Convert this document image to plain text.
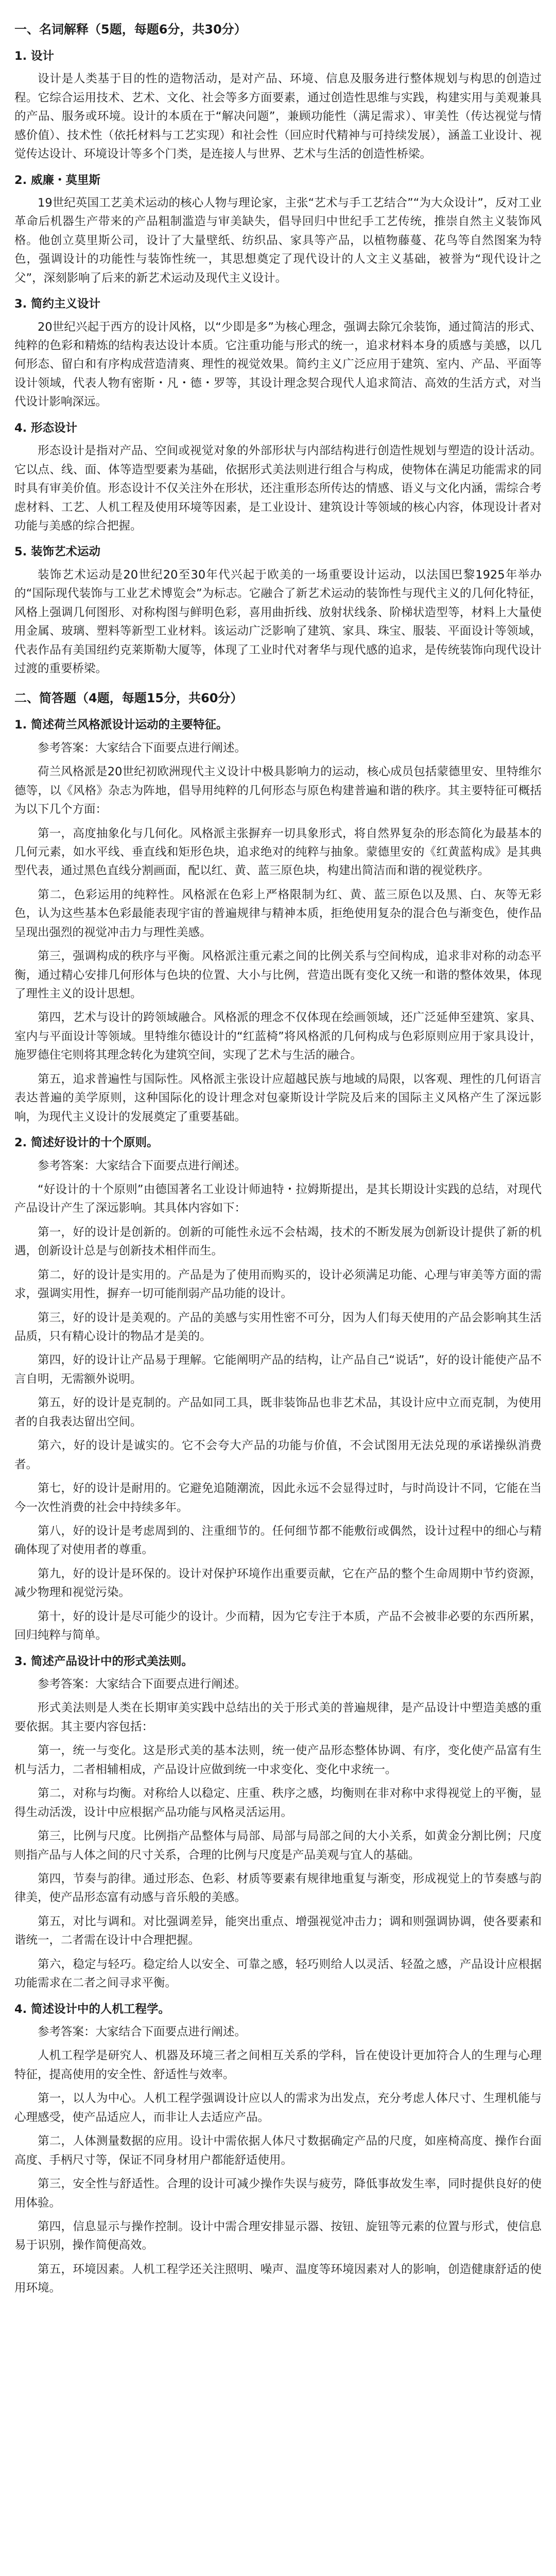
一、名词解释（5题，每题6分，共30分）
1. 设计

设计是人类基于目的性的造物活动，是对产品、环境、信息及服务进行整体规划与构思的创造过程。它综合运用技术、艺术、文化、社会等多方面要素，通过创造性思维与实践，构建实用与美观兼具的产品、服务或环境。设计的本质在于“解决问题”，兼顾功能性（满足需求）、审美性（传达视觉与情感价值）、技术性（依托材料与工艺实现）和社会性（回应时代精神与可持续发展），涵盖工业设计、视觉传达设计、环境设计等多个门类，是连接人与世界、艺术与生活的创造性桥梁。

2. 威廉・莫里斯

19世纪英国工艺美术运动的核心人物与理论家，主张“艺术与手工艺结合”“为大众设计”，反对工业革命后机器生产带来的产品粗制滥造与审美缺失，倡导回归中世纪手工艺传统，推崇自然主义装饰风格。他创立莫里斯公司，设计了大量壁纸、纺织品、家具等产品，以植物藤蔓、花鸟等自然图案为特色，强调设计的功能性与装饰性统一，其思想奠定了现代设计的人文主义基础，被誉为“现代设计之父”，深刻影响了后来的新艺术运动及现代主义设计。

3. 简约主义设计

20世纪兴起于西方的设计风格，以“少即是多”为核心理念，强调去除冗余装饰，通过简洁的形式、纯粹的色彩和精炼的结构表达设计本质。它注重功能与形式的统一，追求材料本身的质感与美感，以几何形态、留白和有序构成营造清爽、理性的视觉效果。简约主义广泛应用于建筑、室内、产品、平面等设计领域，代表人物有密斯・凡・德・罗等，其设计理念契合现代人追求简洁、高效的生活方式，对当代设计影响深远。

4. 形态设计

形态设计是指对产品、空间或视觉对象的外部形状与内部结构进行创造性规划与塑造的设计活动。它以点、线、面、体等造型要素为基础，依据形式美法则进行组合与构成，使物体在满足功能需求的同时具有审美价值。形态设计不仅关注外在形状，还注重形态所传达的情感、语义与文化内涵，需综合考虑材料、工艺、人机工程及使用环境等因素，是工业设计、建筑设计等领域的核心内容，体现设计者对功能与美感的综合把握。

5. 装饰艺术运动

装饰艺术运动是20世纪20至30年代兴起于欧美的一场重要设计运动，以法国巴黎1925年举办的“国际现代装饰与工业艺术博览会”为标志。它融合了新艺术运动的装饰性与现代主义的几何化特征，风格上强调几何图形、对称构图与鲜明色彩，喜用曲折线、放射状线条、阶梯状造型等，材料上大量使用金属、玻璃、塑料等新型工业材料。该运动广泛影响了建筑、家具、珠宝、服装、平面设计等领域，代表作品有美国纽约克莱斯勒大厦等，体现了工业时代对奢华与现代感的追求，是传统装饰向现代设计过渡的重要桥梁。

二、简答题（4题，每题15分，共60分）
1. 简述荷兰风格派设计运动的主要特征。

参考答案：大家结合下面要点进行阐述。

荷兰风格派是20世纪初欧洲现代主义设计中极具影响力的运动，核心成员包括蒙德里安、里特维尔德等，以《风格》杂志为阵地，倡导用纯粹的几何形态与原色构建普遍和谐的秩序。其主要特征可概括为以下几个方面：

第一，高度抽象化与几何化。风格派主张摒弃一切具象形式，将自然界复杂的形态简化为最基本的几何元素，如水平线、垂直线和矩形色块，追求绝对的纯粹与抽象。蒙德里安的《红黄蓝构成》是其典型代表，通过黑色直线分割画面，配以红、黄、蓝三原色块，构建出简洁而和谐的视觉秩序。

第二，色彩运用的纯粹性。风格派在色彩上严格限制为红、黄、蓝三原色以及黑、白、灰等无彩色，认为这些基本色彩最能表现宇宙的普遍规律与精神本质，拒绝使用复杂的混合色与渐变色，使作品呈现出强烈的视觉冲击力与理性美感。

第三，强调构成的秩序与平衡。风格派注重元素之间的比例关系与空间构成，追求非对称的动态平衡，通过精心安排几何形体与色块的位置、大小与比例，营造出既有变化又统一和谐的整体效果，体现了理性主义的设计思想。

第四，艺术与设计的跨领域融合。风格派的理念不仅体现在绘画领域，还广泛延伸至建筑、家具、室内与平面设计等领域。里特维尔德设计的“红蓝椅”将风格派的几何构成与色彩原则应用于家具设计，施罗德住宅则将其理念转化为建筑空间，实现了艺术与生活的融合。

第五，追求普遍性与国际性。风格派主张设计应超越民族与地域的局限，以客观、理性的几何语言表达普遍的美学原则，这种国际化的设计理念对包豪斯设计学院及后来的国际主义风格产生了深远影响，为现代主义设计的发展奠定了重要基础。

2. 简述好设计的十个原则。

参考答案：大家结合下面要点进行阐述。

“好设计的十个原则”由德国著名工业设计师迪特・拉姆斯提出，是其长期设计实践的总结，对现代产品设计产生了深远影响。其具体内容如下：

第一，好的设计是创新的。创新的可能性永远不会枯竭，技术的不断发展为创新设计提供了新的机遇，创新设计总是与创新技术相伴而生。

第二，好的设计是实用的。产品是为了使用而购买的，设计必须满足功能、心理与审美等方面的需求，强调实用性，摒弃一切可能削弱产品功能的设计。

第三，好的设计是美观的。产品的美感与实用性密不可分，因为人们每天使用的产品会影响其生活品质，只有精心设计的物品才是美的。

第四，好的设计让产品易于理解。它能阐明产品的结构，让产品自己“说话”，好的设计能使产品不言自明，无需额外说明。

第五，好的设计是克制的。产品如同工具，既非装饰品也非艺术品，其设计应中立而克制，为使用者的自我表达留出空间。

第六，好的设计是诚实的。它不会夸大产品的功能与价值，不会试图用无法兑现的承诺操纵消费者。

第七，好的设计是耐用的。它避免追随潮流，因此永远不会显得过时，与时尚设计不同，它能在当今一次性消费的社会中持续多年。

第八，好的设计是考虑周到的、注重细节的。任何细节都不能敷衍或偶然，设计过程中的细心与精确体现了对使用者的尊重。

第九，好的设计是环保的。设计对保护环境作出重要贡献，它在产品的整个生命周期中节约资源，减少物理和视觉污染。

第十，好的设计是尽可能少的设计。少而精，因为它专注于本质，产品不会被非必要的东西所累，回归纯粹与简单。

3. 简述产品设计中的形式美法则。

参考答案：大家结合下面要点进行阐述。

形式美法则是人类在长期审美实践中总结出的关于形式美的普遍规律，是产品设计中塑造美感的重要依据。其主要内容包括：

第一，统一与变化。这是形式美的基本法则，统一使产品形态整体协调、有序，变化使产品富有生机与活力，二者相辅相成，产品设计应做到统一中求变化、变化中求统一。

第二，对称与均衡。对称给人以稳定、庄重、秩序之感，均衡则在非对称中求得视觉上的平衡，显得生动活泼，设计中应根据产品功能与风格灵活运用。

第三，比例与尺度。比例指产品整体与局部、局部与局部之间的大小关系，如黄金分割比例；尺度则指产品与人体之间的尺寸关系，合理的比例与尺度是产品美观与宜人的基础。

第四，节奏与韵律。通过形态、色彩、材质等要素有规律地重复与渐变，形成视觉上的节奏感与韵律美，使产品形态富有动感与音乐般的美感。

第五，对比与调和。对比强调差异，能突出重点、增强视觉冲击力；调和则强调协调，使各要素和谐统一，二者需在设计中合理把握。

第六，稳定与轻巧。稳定给人以安全、可靠之感，轻巧则给人以灵活、轻盈之感，产品设计应根据功能需求在二者之间寻求平衡。

4. 简述设计中的人机工程学。

参考答案：大家结合下面要点进行阐述。

人机工程学是研究人、机器及环境三者之间相互关系的学科，旨在使设计更加符合人的生理与心理特征，提高使用的安全性、舒适性与效率。

第一，以人为中心。人机工程学强调设计应以人的需求为出发点，充分考虑人体尺寸、生理机能与心理感受，使产品适应人，而非让人去适应产品。

第二，人体测量数据的应用。设计中需依据人体尺寸数据确定产品的尺度，如座椅高度、操作台面高度、手柄尺寸等，保证不同身材用户都能舒适使用。

第三，安全性与舒适性。合理的设计可减少操作失误与疲劳，降低事故发生率，同时提供良好的使用体验。

第四，信息显示与操作控制。设计中需合理安排显示器、按钮、旋钮等元素的位置与形式，使信息易于识别，操作简便高效。

第五，环境因素。人机工程学还关注照明、噪声、温度等环境因素对人的影响，创造健康舒适的使用环境。
